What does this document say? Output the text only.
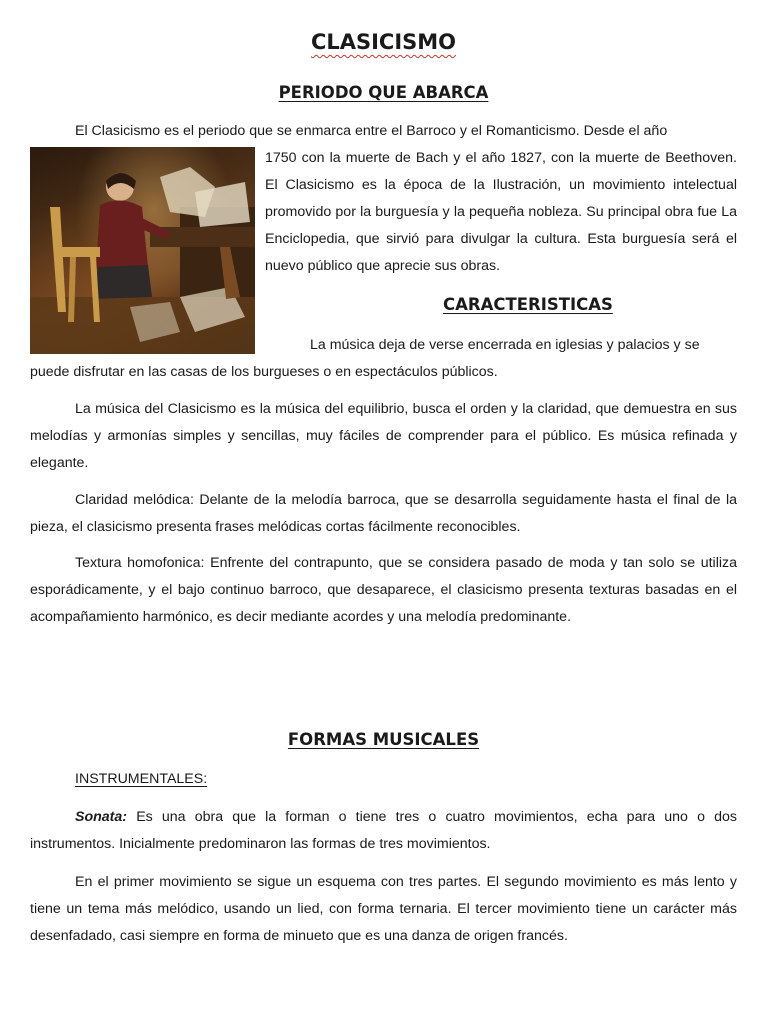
CLASICISMO
PERIODO QUE ABARCA

El Clasicismo es el periodo que se enmarca entre el Barroco y el Romanticismo. Desde el año

1750 con la muerte de Bach y el año 1827, con la muerte de Beethoven. El Clasicismo es la época de la Ilustración, un movimiento intelectual promovido por la burguesía y la pequeña nobleza. Su principal obra fue La Enciclopedia, que sirvió para divulgar la cultura. Esta burguesía será el nuevo público que aprecie sus obras.

CARACTERISTICAS

La música deja de verse encerrada en iglesias y palacios y se

puede disfrutar en las casas de los burgueses o en espectáculos públicos.

La música del Clasicismo es la música del equilibrio, busca el orden y la claridad, que demuestra en sus melodías y armonías simples y sencillas, muy fáciles de comprender para el público. Es música refinada y elegante.

Claridad melódica: Delante de la melodía barroca, que se desarrolla seguidamente hasta el final de la pieza, el clasicismo presenta frases melódicas cortas fácilmente reconocibles.

Textura homofonica: Enfrente del contrapunto, que se considera pasado de moda y tan solo se utiliza esporádicamente, y el bajo continuo barroco, que desaparece, el clasicismo presenta texturas basadas en el acompañamiento harmónico, es decir mediante acordes y una melodía predominante.

FORMAS MUSICALES

INSTRUMENTALES:

Sonata: Es una obra que la forman o tiene tres o cuatro movimientos, echa para uno o dos instrumentos. Inicialmente predominaron las formas de tres movimientos.

En el primer movimiento se sigue un esquema con tres partes. El segundo movimiento es más lento y tiene un tema más melódico, usando un lied, con forma ternaria. El tercer movimiento tiene un carácter más desenfadado, casi siempre en forma de minueto que es una danza de origen francés.
